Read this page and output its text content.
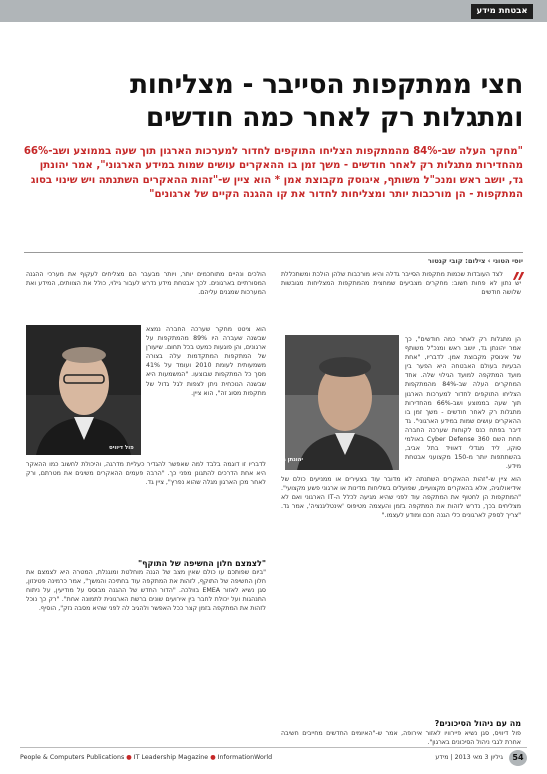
אבטחת מידע
חצי ממתקפות הסייבר - מצליחות
ומתגלות רק לאחר כמה חודשים
"מחקר העלה שב-84% מהמתקפות הצליחו התוקפים לחדור למערכות הארגון תוך שעה בממוצע ושב-66% מהחדירות מתגלות רק לאחר חודשים - משך זמן בו ההאקרים עושים שמות במידע הארגוני", אמר יהונתן גד, יושב ראש ומנכ"ל משותף, איגוסק מקבוצת אמן * הוא ציין ש-"זהות ההאקרים השתנתה ויש שינוי בסוג המתקפות - הן מורכבות יותר ומצליחות לחדור את קו ההגנה הקיים של ארגונים"
יוסי הטוני › צילום: קובי קנטור
״

לצד העובדות שכמות מתקפות הסייבר גדלה והיא מורכבות שלהן הולכת ומשתכללת יש נתון לא פחות חשוב: מחקרים מצביעים שמחצית מהמתקפות המצליחות מגובשות שלושה חודשים

יהונתן גד
הן מתגלות רק לאחר כמה חודשים", כך אמר יהונתן גד, יושב ראש ומנכ"ל משותף של איגוסק מקבוצת אמן. לדבריו, "אחת הבעיות בעולם האבטחה היא הפער בין מועד המתקפה למועד הגילוי שלה. אחד המחקרים העלה שב-84% מהמתקפות הצליחו התוקפים לחדור למערכות הארגון תוך שעה בממוצע ושב-66% מהחדירות מתגלות רק לאחר חודשים - משך זמן בו ההאקרים עושים שמות במידע הארגוני". גד דיבר בפתח כנס לקוחות שערכה החברה תחת השם Cyber Defense 360 באולמי סוקו, ליד מגדלי דאוויד בתל אביב, בהשתתפות יותר מ-150 מקצועני אבטחת מידע.
הוא ציין ש-"זהות ההאקרים השתנתה לא מדובר עוד בצעירים או ממניעים כולם של אידיאולוגיה, אלא בהאקרים מקצועיים, שפועלים בשליחות מדינות או ארגוני פשע מקצועי". "המתקפות הן לחטוף את המתקפה עוד לפני שהיא מגיעה לכלל ה-IT הארגוני ואם לא מצליחים בכך, נדרש לזהות את המתקפה בזמן והעצמה מטיפוס 'אינטליגנציה', אמר גד. "צריך לספק לארגונים כלי הגנה חכם ומודע לעצמו."
מה עם ניהול הסיכונים?
פול דיוויס, סגן נשיא פיירוויו לאזור אירופה, אמר ש-"האיומים החדשים מחייבים חשיבה אחרת לגבי ניהול הסיכונים בארגון".
הולכים ונהיים מתוחכמים יותר, ויותר מבעבר הם מצליחים לעקוף את מערכי ההגנה המסורתיים בארגונים. לכך אבטחת מידע נדרש לעבור גילוי, כולל את הצוותים, המידע ואת המערכות שמגנים עליהם.
פול דיוויס
הוא ציטט מחקר שערכה החברה נמצא שבשנה שעברה היו 89% מהמתקפות על ארגונים, והן פוגעות כמעט בכל תחום. שיעורן של המתקפות המתקדמות עלה בצורה משמעותית לעומת 2010 ועומד על 41% מסך כל המתקפות שבוצעו. "המשמעות היא שבשנה הנוכחית ניתן לצפות לגל גדול של מתקפות מסוג זה", הוא ציין.
לדבריו זו דוגמה בלבד למה שאפשר להגדיר כעליית מדרגה, והיכולת לחשוב כמו ההאקר היא אחת הדרכים להתגונן מפני כך. "הרבה פעמים ההאקרים משיגים את מטרתם, ורק לאחר מכן הארגון מגלה שהוא נפרץ", ציין גד.
"לצמצם חלון החשיפה של התוקף"
"ביום שפותכם עו כולם שאין מצב של הגנה מוחלטת ומוגנלת, המטרה היא לצמצם את חלון החשיפה של התוקף, לזהות את המתקפה עוד בחתיכה והמשך", אמר כרמינה פטינזון, סגן נשיא לאזור EMEA בוולכה. "הדור החדש של ההגנה מבוסס על מודיעין, על ניתוח התנהגות ועל יכולת לחבר בין אירועים שונים ברשת הארגונית לתמונה אחת". "רק כך נוכל לזהות את המתקפה בזמן קצר ככל האפשר ולהגיב לה לפני שהיא מסבה נזק", הוסיף.
54
גיליון 3 מאי 2013 | מידע
People & Computers Publications ● IT Leadership Magazine ● InformationWorld
